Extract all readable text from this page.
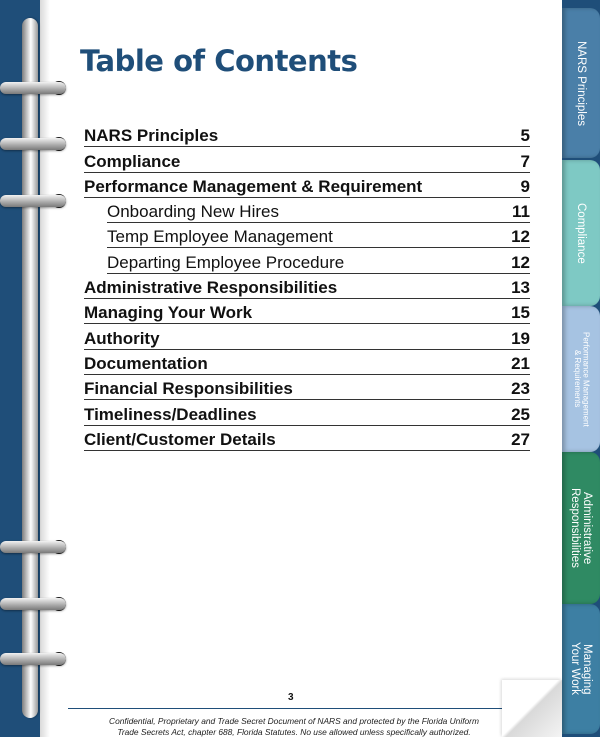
Table of Contents
NARS Principles	5
Compliance	7
Performance Management & Requirement	9
Onboarding New Hires	11
Temp Employee Management	12
Departing Employee Procedure	12
Administrative Responsibilities	13
Managing Your Work	15
Authority	19
Documentation	21
Financial Responsibilities	23
Timeliness/Deadlines	25
Client/Customer Details	27
3
Confidential, Proprietary and Trade Secret Document of NARS and protected by the Florida Uniform Trade Secrets Act, chapter 688, Florida Statutes. No use allowed unless specifically authorized.
NARS Principles
Compliance
Performance Management
& Requirements
Administrative
Responsibilities
Managing
Your Work
